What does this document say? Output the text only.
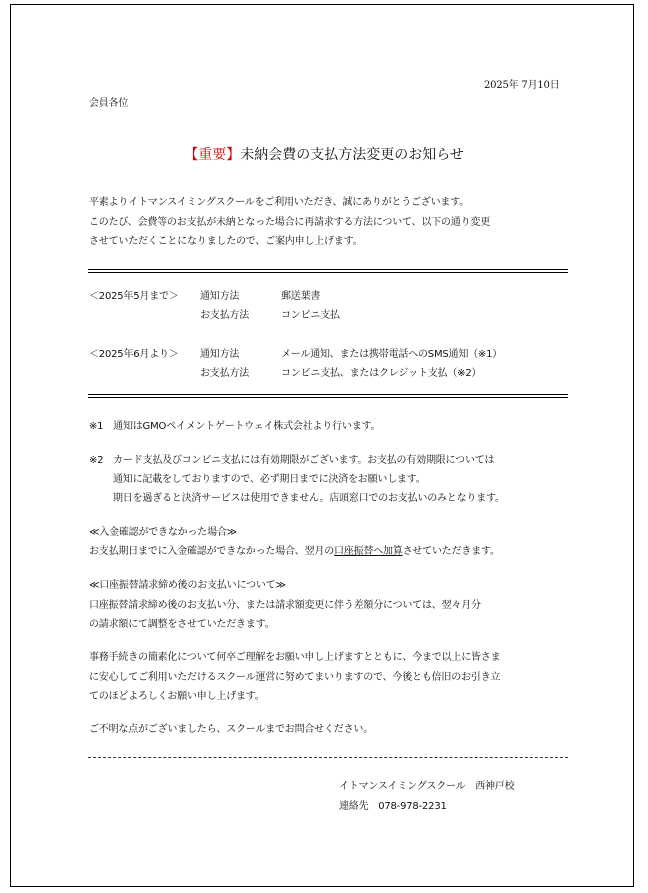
2025年 7月10日
会員各位
【重要】未納会費の支払方法変更のお知らせ
平素よりイトマンスイミングスクールをご利用いただき、誠にありがとうございます。
このたび、会費等のお支払が未納となった場合に再請求する方法について、以下の通り変更
させていただくことになりましたので、ご案内申し上げます。
＜2025年5月まで＞ 通知方法	郵送葉書
お支払方法	コンビニ支払
＜2025年6月より＞ 通知方法	メール通知、または携帯電話へのSMS通知（※1）
お支払方法	コンビニ支払、またはクレジット支払（※2）
※1　通知はGMOペイメントゲートウェイ株式会社より行います。
※2　カード支払及びコンビニ支払には有効期限がございます。お支払の有効期限については
通知に記載をしておりますので、必ず期日までに決済をお願いします。
期日を過ぎると決済サービスは使用できません。店頭窓口でのお支払いのみとなります。
≪入金確認ができなかった場合≫
お支払期日までに入金確認ができなかった場合、翌月の口座振替へ加算させていただきます。
≪口座振替請求締め後のお支払いについて≫
口座振替請求締め後のお支払い分、または請求額変更に伴う差額分については、翌々月分
の請求額にて調整をさせていただきます。
事務手続きの簡素化について何卒ご理解をお願い申し上げますとともに、今まで以上に皆さま
に安心してご利用いただけるスクール運営に努めてまいりますので、今後とも倍旧のお引き立
てのほどよろしくお願い申し上げます。
ご不明な点がございましたら、スクールまでお問合せください。
イトマンスイミングスクール　西神戸校
連絡先　078-978-2231
